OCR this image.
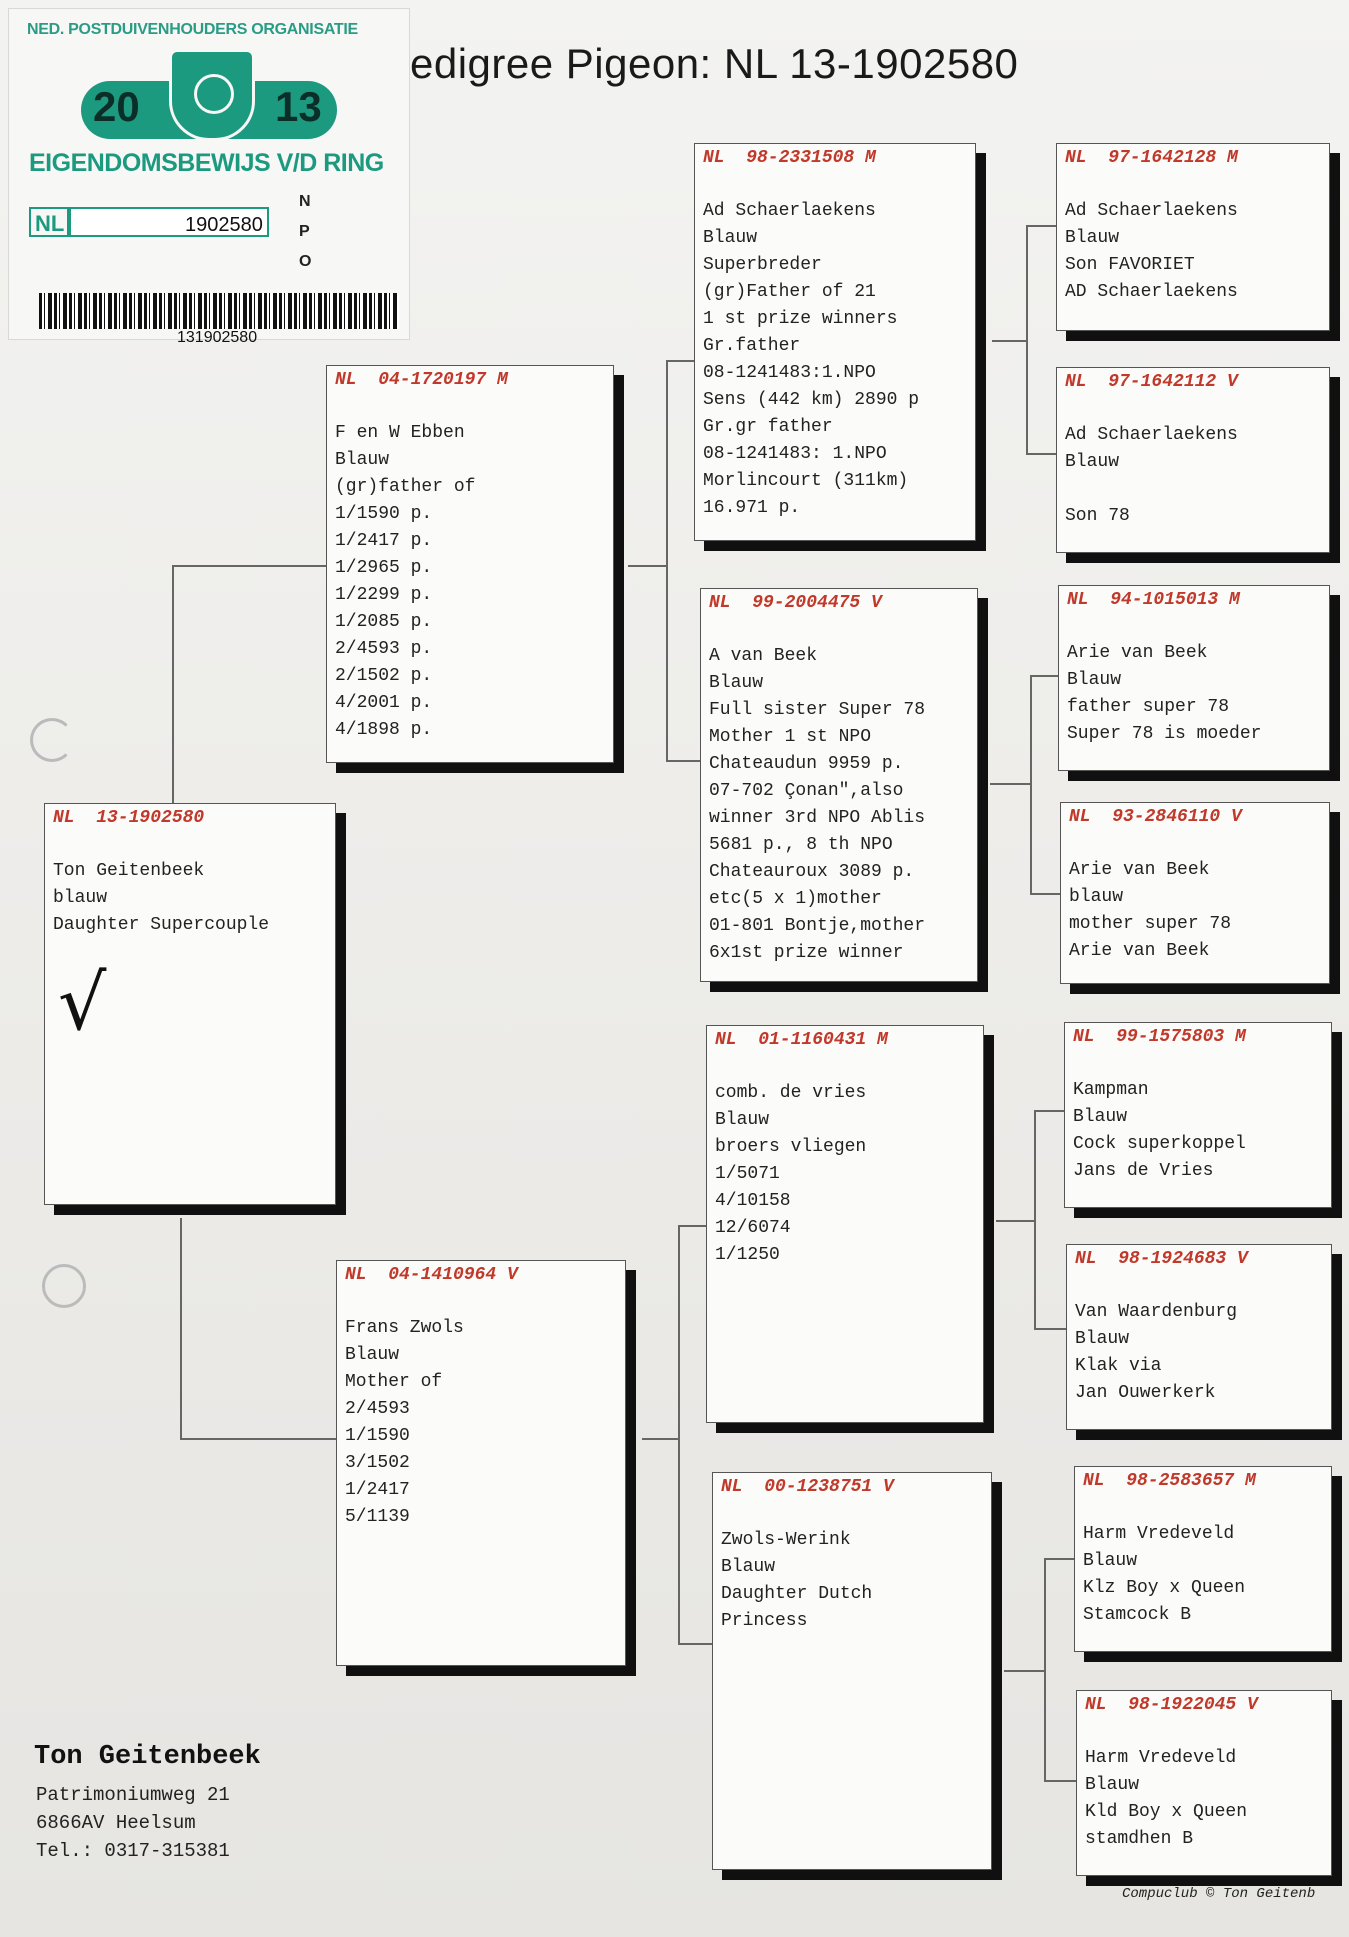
NED. POSTDUIVENHOUDERS ORGANISATIE
20	13
EIGENDOMSBEWIJS V/D RING
NL	1902580
N
P
O
131902580
edigree Pigeon: NL 13-1902580
NL  13-1902580
Ton Geitenbeek
blauw
Daughter Supercouple
√
NL  04-1720197 M
F en W Ebben
Blauw
(gr)father of
1/1590 p.
1/2417 p.
1/2965 p.
1/2299 p.
1/2085 p.
2/4593 p.
2/1502 p.
4/2001 p.
4/1898 p.
NL  04-1410964 V
Frans Zwols
Blauw
Mother of
2/4593
1/1590
3/1502
1/2417
5/1139
NL  98-2331508 M
Ad Schaerlaekens
Blauw
Superbreder
(gr)Father of 21
1 st prize winners
Gr.father
08-1241483:1.NPO
Sens (442 km) 2890 p
Gr.gr father
08-1241483: 1.NPO
Morlincourt (311km)
16.971 p.
NL  99-2004475 V
A van Beek
Blauw
Full sister Super 78
Mother 1 st NPO
Chateaudun 9959 p.
07-702 Çonan",also
winner 3rd NPO Ablis
5681 p., 8 th NPO
Chateauroux 3089 p.
etc(5 x 1)mother
01-801 Bontje,mother
6x1st prize winner
NL  01-1160431 M
comb. de vries
Blauw
broers vliegen
1/5071
4/10158
12/6074
1/1250
NL  00-1238751 V
Zwols-Werink
Blauw
Daughter Dutch
Princess
NL  97-1642128 M
Ad Schaerlaekens
Blauw
Son FAVORIET
AD Schaerlaekens
NL  97-1642112 V
Ad Schaerlaekens
Blauw

Son 78
NL  94-1015013 M
Arie van Beek
Blauw
father super 78
Super 78 is moeder
NL  93-2846110 V
Arie van Beek
blauw
mother super 78
Arie van Beek
NL  99-1575803 M
Kampman
Blauw
Cock superkoppel
Jans de Vries
NL  98-1924683 V
Van Waardenburg
Blauw
Klak via
Jan Ouwerkerk
NL  98-2583657 M
Harm Vredeveld
Blauw
Klz Boy x Queen
Stamcock B
NL  98-1922045 V
Harm Vredeveld
Blauw
Kld Boy x Queen
stamdhen B
Ton Geitenbeek
Patrimoniumweg 21
6866AV Heelsum
Tel.: 0317-315381
Compuclub © Ton Geitenb
